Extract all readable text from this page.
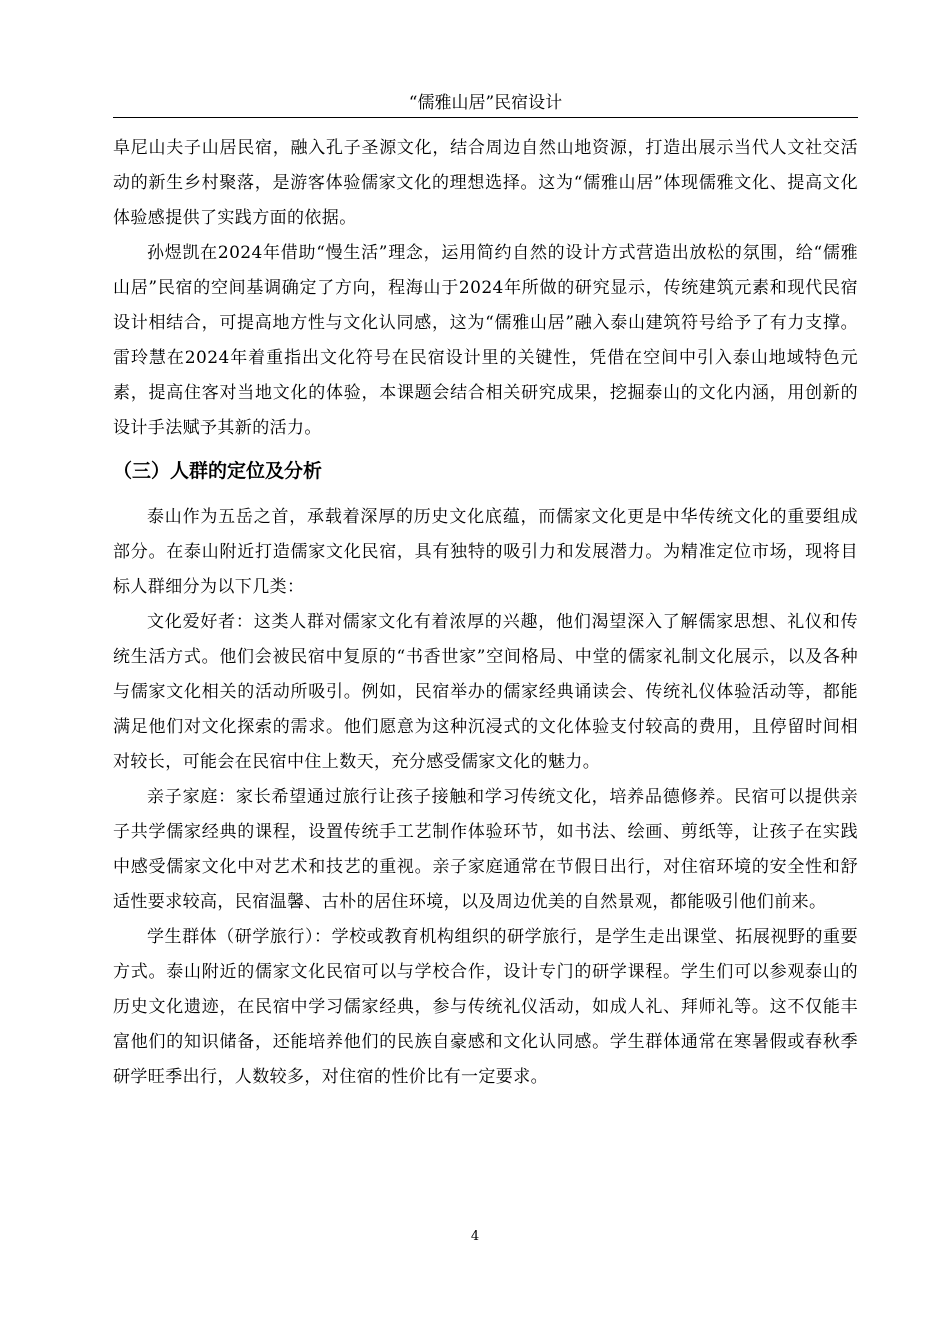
“儒雅山居”民宿设计

阜尼山夫子山居民宿，融入孔子圣源文化，结合周边自然山地资源，打造出展示当代人文社交活动的新生乡村聚落，是游客体验儒家文化的理想选择。这为“儒雅山居”体现儒雅文化、提高文化体验感提供了实践方面的依据。

孙煜凯在2024年借助“慢生活”理念，运用简约自然的设计方式营造出放松的氛围，给“儒雅山居”民宿的空间基调确定了方向，程海山于2024年所做的研究显示，传统建筑元素和现代民宿设计相结合，可提高地方性与文化认同感，这为“儒雅山居”融入泰山建筑符号给予了有力支撑。雷玲慧在2024年着重指出文化符号在民宿设计里的关键性，凭借在空间中引入泰山地域特色元素，提高住客对当地文化的体验，本课题会结合相关研究成果，挖掘泰山的文化内涵，用创新的设计手法赋予其新的活力。

（三）人群的定位及分析

泰山作为五岳之首，承载着深厚的历史文化底蕴，而儒家文化更是中华传统文化的重要组成部分。在泰山附近打造儒家文化民宿，具有独特的吸引力和发展潜力。为精准定位市场，现将目标人群细分为以下几类：

文化爱好者：这类人群对儒家文化有着浓厚的兴趣，他们渴望深入了解儒家思想、礼仪和传统生活方式。他们会被民宿中复原的“书香世家”空间格局、中堂的儒家礼制文化展示，以及各种与儒家文化相关的活动所吸引。例如，民宿举办的儒家经典诵读会、传统礼仪体验活动等，都能满足他们对文化探索的需求。他们愿意为这种沉浸式的文化体验支付较高的费用，且停留时间相对较长，可能会在民宿中住上数天，充分感受儒家文化的魅力。

亲子家庭：家长希望通过旅行让孩子接触和学习传统文化，培养品德修养。民宿可以提供亲子共学儒家经典的课程，设置传统手工艺制作体验环节，如书法、绘画、剪纸等，让孩子在实践中感受儒家文化中对艺术和技艺的重视。亲子家庭通常在节假日出行，对住宿环境的安全性和舒适性要求较高，民宿温馨、古朴的居住环境，以及周边优美的自然景观，都能吸引他们前来。

学生群体（研学旅行）：学校或教育机构组织的研学旅行，是学生走出课堂、拓展视野的重要方式。泰山附近的儒家文化民宿可以与学校合作，设计专门的研学课程。学生们可以参观泰山的历史文化遗迹，在民宿中学习儒家经典，参与传统礼仪活动，如成人礼、拜师礼等。这不仅能丰富他们的知识储备，还能培养他们的民族自豪感和文化认同感。学生群体通常在寒暑假或春秋季研学旺季出行，人数较多，对住宿的性价比有一定要求。

4
